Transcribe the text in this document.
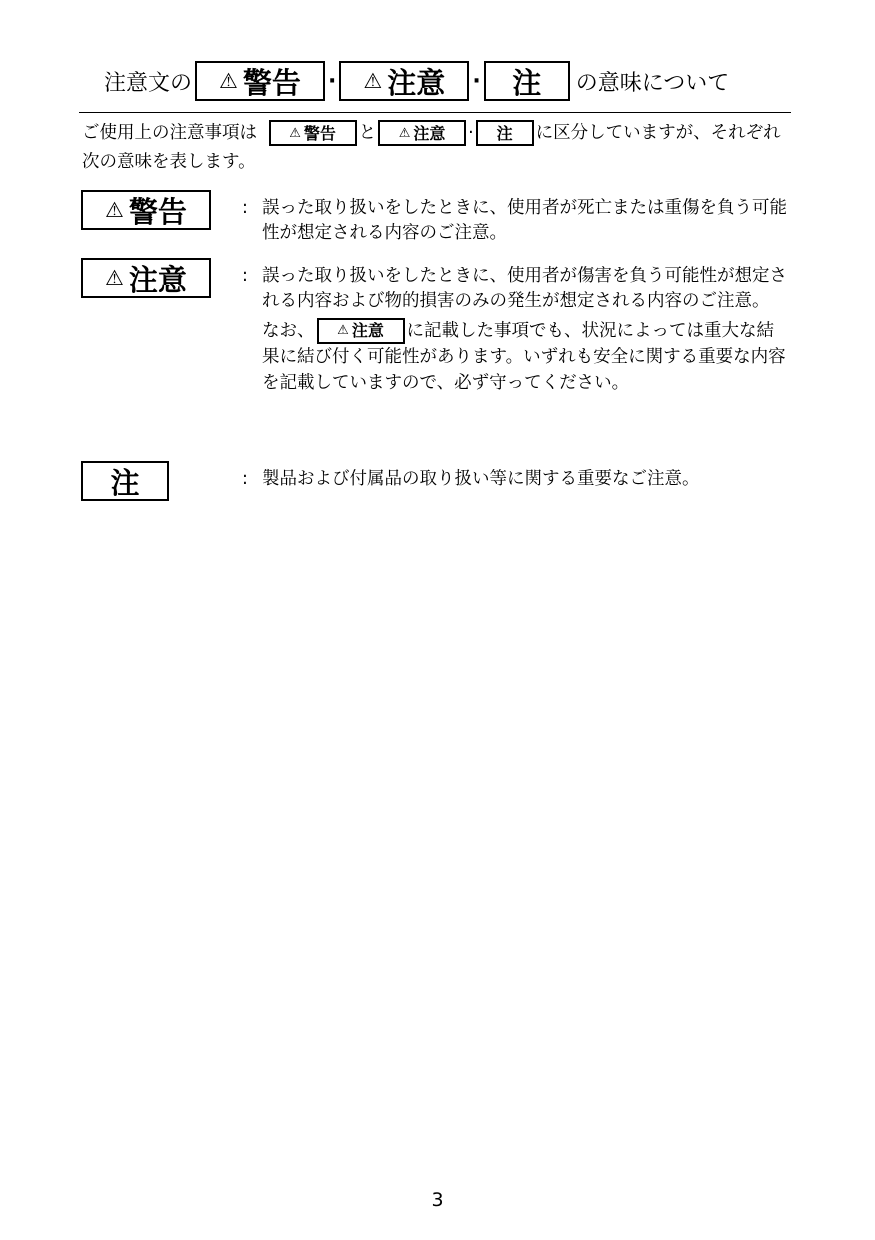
注意文の ⚠ 警告 · ⚠ 注意 · 注 の意味について
ご使用上の注意事項は ⚠ 警告 と ⚠ 注意 · 注 に区分していますが、それぞれ次の意味を表します。
⚠ 警告	: 誤った取り扱いをしたときに、使用者が死亡または重傷を負う可能性が想定される内容のご注意。

⚠ 注意	: 誤った取り扱いをしたときに、使用者が傷害を負う可能性が想定される内容および物的損害のみの発生が想定される内容のご注意。

なお、 ⚠ 注意 に記載した事項でも、状況によっては重大な結果に結び付く可能性があります。いずれも安全に関する重要な内容を記載していますので、必ず守ってください。

注	: 製品および付属品の取り扱い等に関する重要なご注意。

3
